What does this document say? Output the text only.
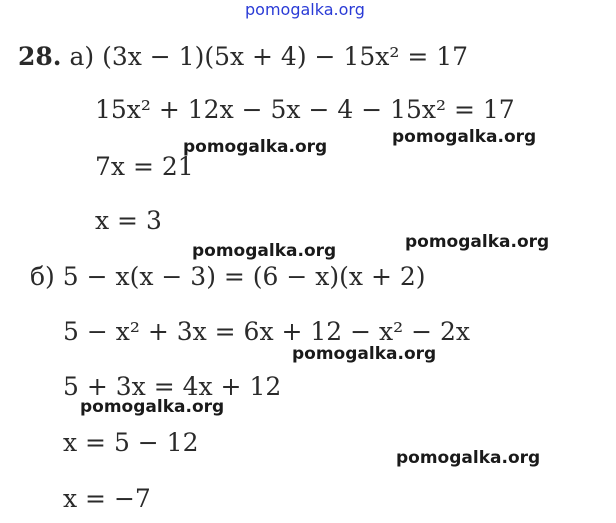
pomogalka.org
28. а) (3x − 1)(5x + 4) − 15x² = 17
15x² + 12x − 5x − 4 − 15x² = 17
7x = 21
x = 3
б) 5 − x(x − 3) = (6 − x)(x + 2)
5 − x² + 3x = 6x + 12 − x² − 2x
5 + 3x = 4x + 12
x = 5 − 12
x = −7
pomogalka.org	pomogalka.org
pomogalka.org	pomogalka.org
pomogalka.org
pomogalka.org
pomogalka.org
